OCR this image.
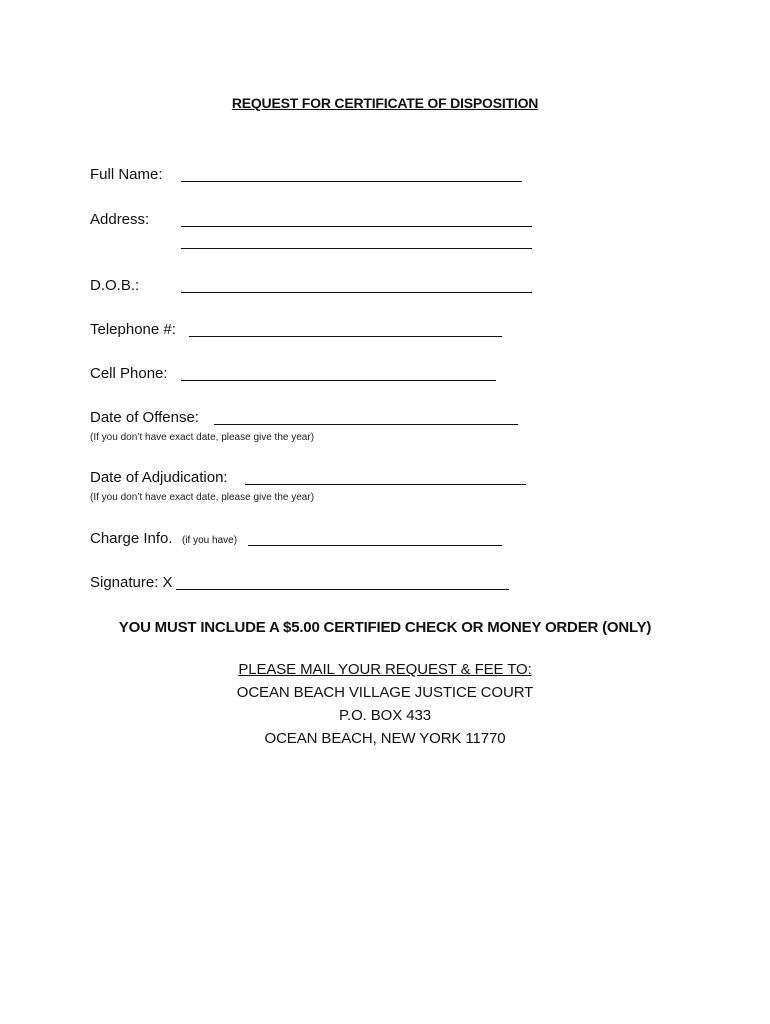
REQUEST FOR CERTIFICATE OF DISPOSITION
Full Name:
Address:
D.O.B.:
Telephone #:
Cell Phone:
Date of Offense:
(If you don’t have exact date, please give the year)
Date of Adjudication:
(If you don’t have exact date, please give the year)
Charge Info. (if you have)
Signature: X
YOU MUST INCLUDE A $5.00 CERTIFIED CHECK OR MONEY ORDER (ONLY)
PLEASE MAIL YOUR REQUEST & FEE TO:
OCEAN BEACH VILLAGE JUSTICE COURT
P.O. BOX 433
OCEAN BEACH, NEW YORK 11770
